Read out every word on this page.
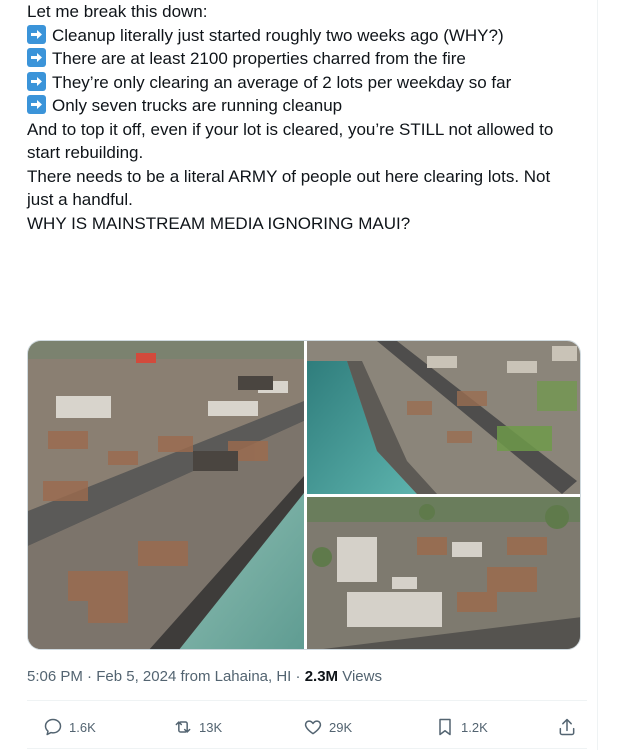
Let me break this down:
Cleanup literally just started roughly two weeks ago (WHY?)
There are at least 2100 properties charred from the fire
They’re only clearing an average of 2 lots per weekday so far
Only seven trucks are running cleanup
And to top it off, even if your lot is cleared, you’re STILL not allowed to
start rebuilding.
There needs to be a literal ARMY of people out here clearing lots. Not
just a handful.
WHY IS MAINSTREAM MEDIA IGNORING MAUI?
5:06 PM · Feb 5, 2024 from Lahaina, HI · 2.3M Views
1.6K	13K	29K	1.2K
